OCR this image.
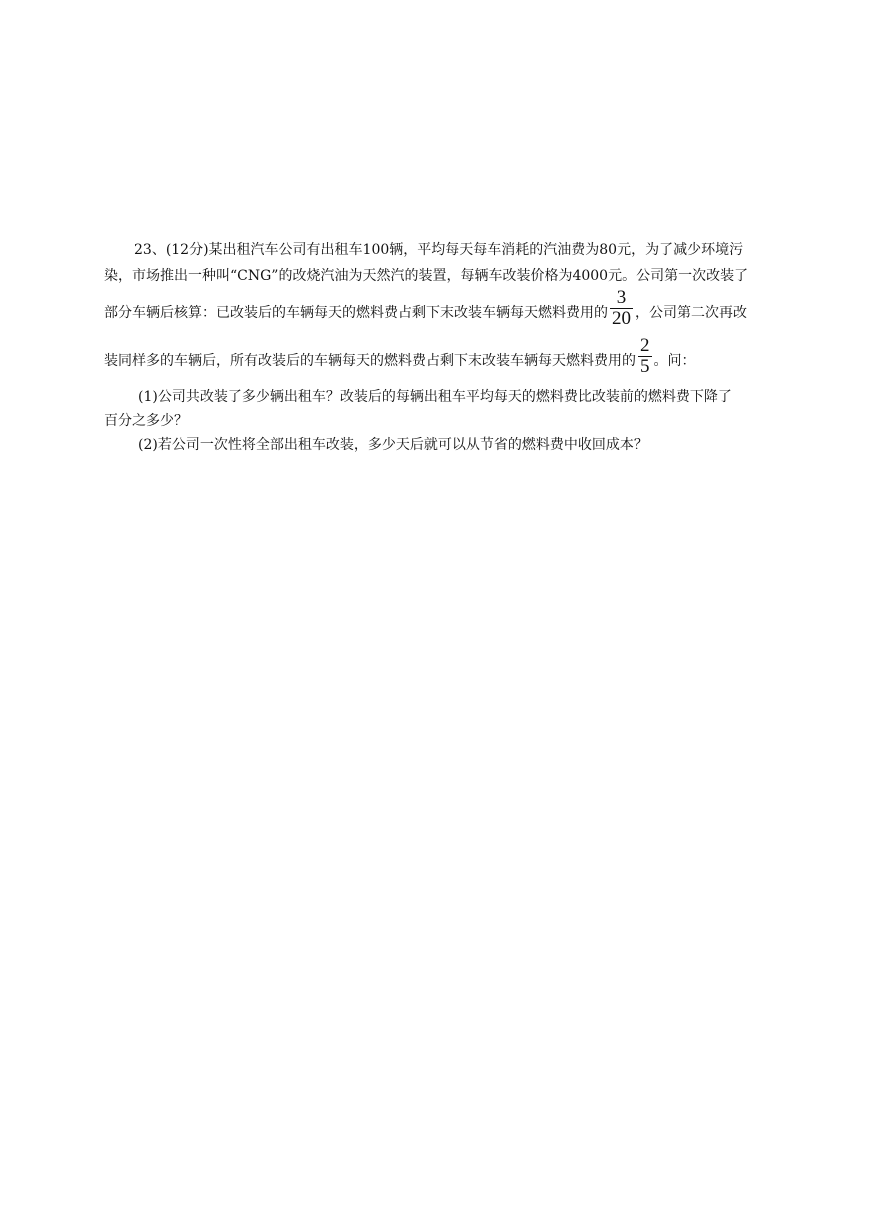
23、(12分)某出租汽车公司有出租车100辆，平均每天每车消耗的汽油费为80元，为了减少环境污

染，市场推出一种叫“CNG”的改烧汽油为天然汽的装置，每辆车改装价格为4000元。公司第一次改装了

部分车辆后核算：已改装后的车辆每天的燃料费占剩下末改装车辆每天燃料费用的 $\frac{3}{20}$ ，公司第二次再改

装同样多的车辆后，所有改装后的车辆每天的燃料费占剩下末改装车辆每天燃料费用的 $\frac{2}{5}$ 。问：

(1)公司共改装了多少辆出租车？改装后的每辆出租车平均每天的燃料费比改装前的燃料费下降了

百分之多少？

(2)若公司一次性将全部出租车改装，多少天后就可以从节省的燃料费中收回成本？
